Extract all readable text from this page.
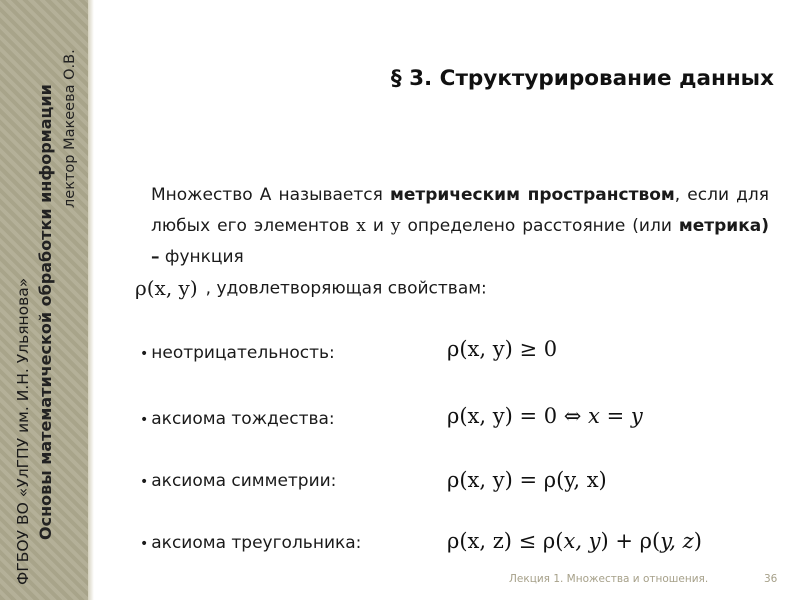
ФГБОУ ВО «УлГПУ им. И.Н. Ульянова» Основы математической обработки информации лектор Макеева О.В.	§ 3. Структурирование данных
Множество А называется метрическим пространством, если для любых его элементов x и y определено расстояние (или метрика) – функция
ρ(x, y) , удовлетворяющая свойствам:
• неотрицательность:	ρ(x, y) ≥ 0
• аксиома тождества:	ρ(x, y) = 0 ⇔ x = y
• аксиома симметрии:	ρ(x, y) = ρ(y, x)
• аксиома треугольника:	ρ(x, z) ≤ ρ(x, y) + ρ(y, z)
Лекция 1. Множества и отношения.	36
